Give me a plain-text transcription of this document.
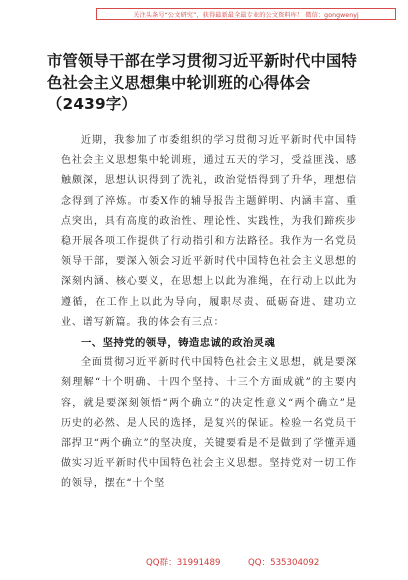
关注头条号“公文研究”，获得最新最全最专业的公文资料库！ 微信：gongwenyj
市管领导干部在学习贯彻习近平新时代中国特色社会主义思想集中轮训班的心得体会（2439字）

近期，我参加了市委组织的学习贯彻习近平新时代中国特色社会主义思想集中轮训班，通过五天的学习，受益匪浅、感触颇深，思想认识得到了洗礼，政治觉悟得到了升华，理想信念得到了淬炼。市委X作的辅导报告主题鲜明、内涵丰富、重点突出，具有高度的政治性、理论性、实践性，为我们蹄疾步稳开展各项工作提供了行动指引和方法路径。我作为一名党员领导干部，要深入领会习近平新时代中国特色社会主义思想的深刻内涵、核心要义，在思想上以此为准绳，在行动上以此为遵循，在工作上以此为导向，履职尽责、砥砺奋进、建功立业、谱写新篇。我的体会有三点：

一、坚持党的领导，铸造忠诚的政治灵魂

全面贯彻习近平新时代中国特色社会主义思想，就是要深刻理解“十个明确、十四个坚持、十三个方面成就”的主要内容，就是要深刻领悟“两个确立”的决定性意义“两个确立”是历史的必然、是人民的选择，是复兴的保证。检验一名党员干部捍卫“两个确立”的坚决度，关键要看是不是做到了学懂弄通做实习近平新时代中国特色社会主义思想。坚持党对一切工作的领导，摆在“十个坚

QQ群：31991489	QQ：535304092
